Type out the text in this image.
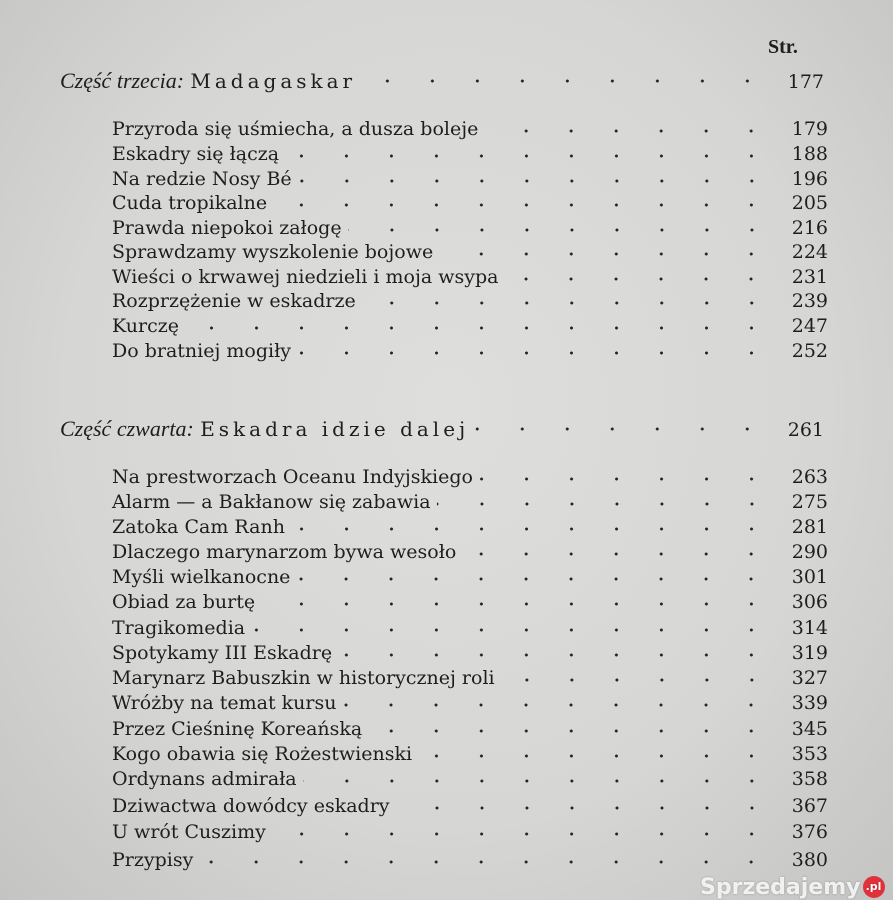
Str.
Część trzecia: Madagaskar	177
Przyroda się uśmiecha, a dusza boleje	179
Eskadry się łączą	188
Na redzie Nosy Bé	196
Cuda tropikalne	205
Prawda niepokoi załogę	216
Sprawdzamy wyszkolenie bojowe	224
Wieści o krwawej niedzieli i moja wsypa	231
Rozprzężenie w eskadrze	239
Kurczę	247
Do bratniej mogiły	252
Część czwarta: Eskadra idzie dalej	261
Na prestworzach Oceanu Indyjskiego	263
Alarm — a Bakłanow się zabawia	275
Zatoka Cam Ranh	281
Dlaczego marynarzom bywa wesoło	290
Myśli wielkanocne	301
Obiad za burtę	306
Tragikomedia	314
Spotykamy III Eskadrę	319
Marynarz Babuszkin w historycznej roli	327
Wróżby na temat kursu	339
Przez Cieśninę Koreańską	345
Kogo obawia się Rożestwienski	353
Ordynans admirała	358
Dziwactwa dowódcy eskadry	367
U wrót Cuszimy	376
Przypisy	380
Sprzedajemy .pl
